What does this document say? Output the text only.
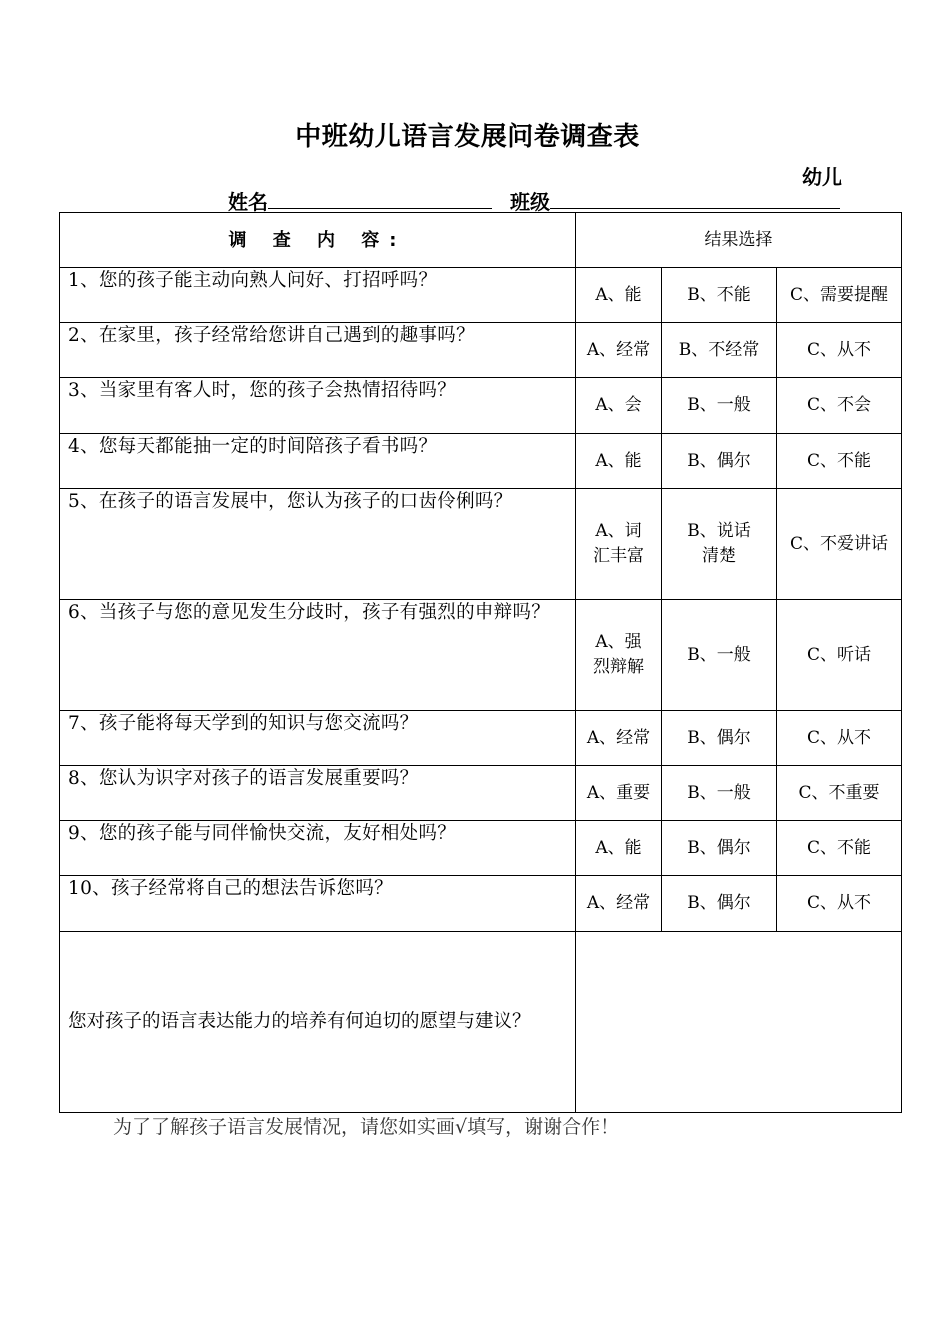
中班幼儿语言发展问卷调查表
幼儿
姓名	班级
调 查 内 容:	结果选择		
1、您的孩子能主动向熟人问好、打招呼吗？	A、能	B、不能	C、需要提醒
2、在家里，孩子经常给您讲自己遇到的趣事吗？	A、经常	B、不经常	C、从不
3、当家里有客人时，您的孩子会热情招待吗？	A、会	B、一般	C、不会
4、您每天都能抽一定的时间陪孩子看书吗？	A、能	B、偶尔	C、不能
5、在孩子的语言发展中，您认为孩子的口齿伶俐吗？	A、词汇丰富	B、说话清楚	C、不爱讲话
6、当孩子与您的意见发生分歧时，孩子有强烈的申辩吗？	A、强烈辩解	B、一般	C、听话
7、孩子能将每天学到的知识与您交流吗？	A、经常	B、偶尔	C、从不
8、您认为识字对孩子的语言发展重要吗？	A、重要	B、一般	C、不重要
9、您的孩子能与同伴愉快交流，友好相处吗？	A、能	B、偶尔	C、不能
10、孩子经常将自己的想法告诉您吗？	A、经常	B、偶尔	C、从不
您对孩子的语言表达能力的培养有何迫切的愿望与建议？			
为了了解孩子语言发展情况，请您如实画√填写，谢谢合作！
